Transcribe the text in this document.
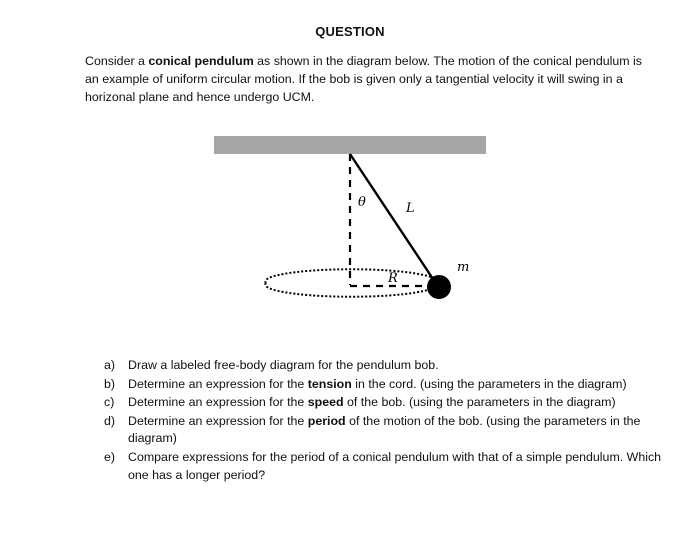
QUESTION
Consider a conical pendulum as shown in the diagram below. The motion of the conical pendulum is an example of uniform circular motion. If the bob is given only a tangential velocity it will swing in a horizonal plane and hence undergo UCM.
θ	L
R
m
a) Draw a labeled free-body diagram for the pendulum bob.
b) Determine an expression for the tension in the cord. (using the parameters in the diagram)
c) Determine an expression for the speed of the bob. (using the parameters in the diagram)
d) Determine an expression for the period of the motion of the bob. (using the parameters in the diagram)
e) Compare expressions for the period of a conical pendulum with that of a simple pendulum. Which one has a longer period?
